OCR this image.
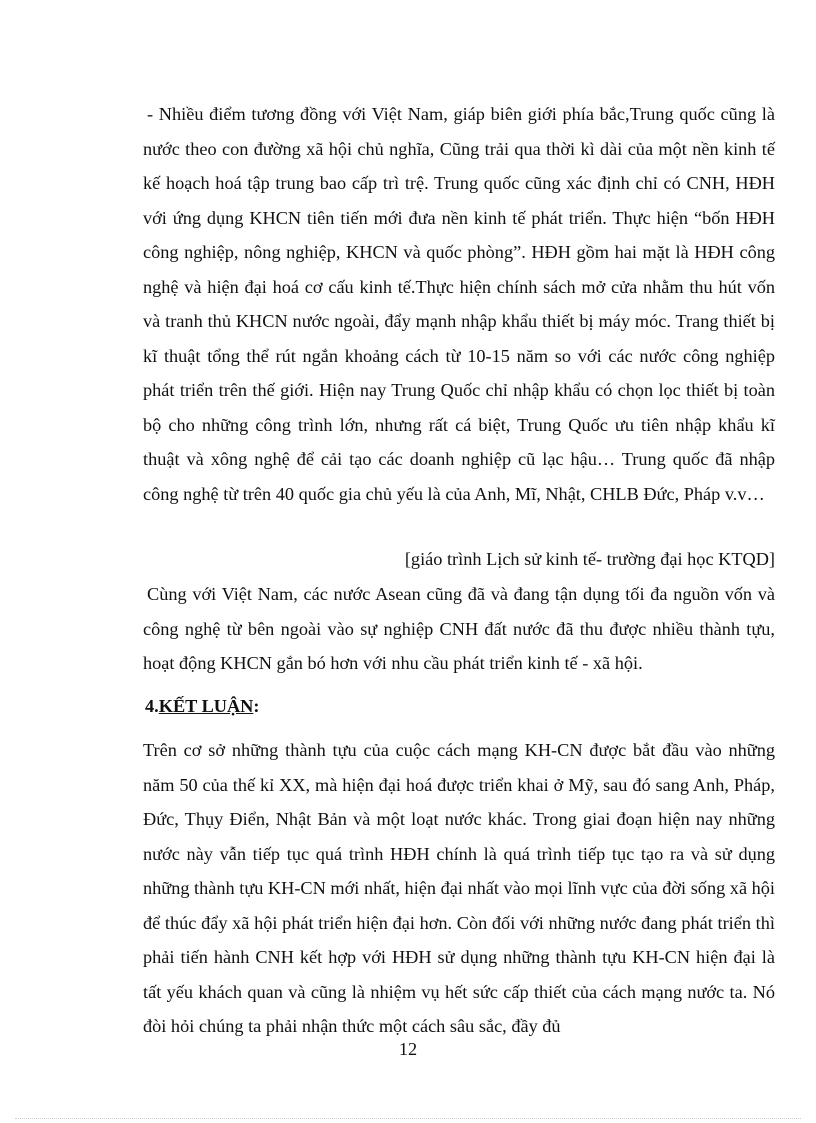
- Nhiều điểm tương đồng với Việt Nam, giáp biên giới phía bắc,Trung quốc cũng là nước theo con đường xã hội chủ nghĩa, Cũng trải qua thời kì dài của một nền kinh tế kế hoạch hoá tập trung bao cấp trì trệ. Trung quốc cũng xác định chỉ có CNH, HĐH với ứng dụng KHCN tiên tiến mới đưa nền kinh tế phát triển. Thực hiện “bốn HĐH công nghiệp, nông nghiệp, KHCN và quốc phòng”. HĐH gồm hai mặt là HĐH công nghệ và hiện đại hoá cơ cấu kinh tế.Thực hiện chính sách mở cửa nhằm thu hút vốn và tranh thủ KHCN nước ngoài, đẩy mạnh nhập khẩu thiết bị máy móc. Trang thiết bị kĩ thuật tổng thể rút ngắn khoảng cách từ 10-15 năm so với các nước công nghiệp phát triển trên thế giới. Hiện nay Trung Quốc chỉ nhập khẩu có chọn lọc thiết bị toàn bộ cho những công trình lớn, nhưng rất cá biệt, Trung Quốc ưu tiên nhập khẩu kĩ thuật và xông nghệ để cải tạo các doanh nghiệp cũ lạc hậu… Trung quốc đã nhập công nghệ từ trên 40 quốc gia chủ yếu là của Anh, Mĩ, Nhật, CHLB Đức, Pháp v.v…

[giáo trình Lịch sử kinh tế- trường đại học KTQD]

Cùng với Việt Nam, các nước Asean cũng đã và đang tận dụng tối đa nguồn vốn và công nghệ từ bên ngoài vào sự nghiệp CNH đất nước đã thu được nhiều thành tựu, hoạt động KHCN gắn bó hơn với nhu cầu phát triển kinh tế - xã hội.

4.KẾT LUẬN:

Trên cơ sở những thành tựu của cuộc cách mạng KH-CN được bắt đầu vào những năm 50 của thế kỉ XX, mà hiện đại hoá được triển khai ở Mỹ, sau đó sang Anh, Pháp, Đức, Thụy Điển, Nhật Bản và một loạt nước khác. Trong giai đoạn hiện nay những nước này vẫn tiếp tục quá trình HĐH chính là quá trình tiếp tục tạo ra và sử dụng những thành tựu KH-CN mới nhất, hiện đại nhất vào mọi lĩnh vực của đời sống xã hội để thúc đẩy xã hội phát triển hiện đại hơn. Còn đối với những nước đang phát triển thì phải tiến hành CNH kết hợp với HĐH sử dụng những thành tựu KH-CN hiện đại là tất yếu khách quan và cũng là nhiệm vụ hết sức cấp thiết của cách mạng nước ta. Nó đòi hỏi chúng ta phải nhận thức một cách sâu sắc, đầy đủ

12
